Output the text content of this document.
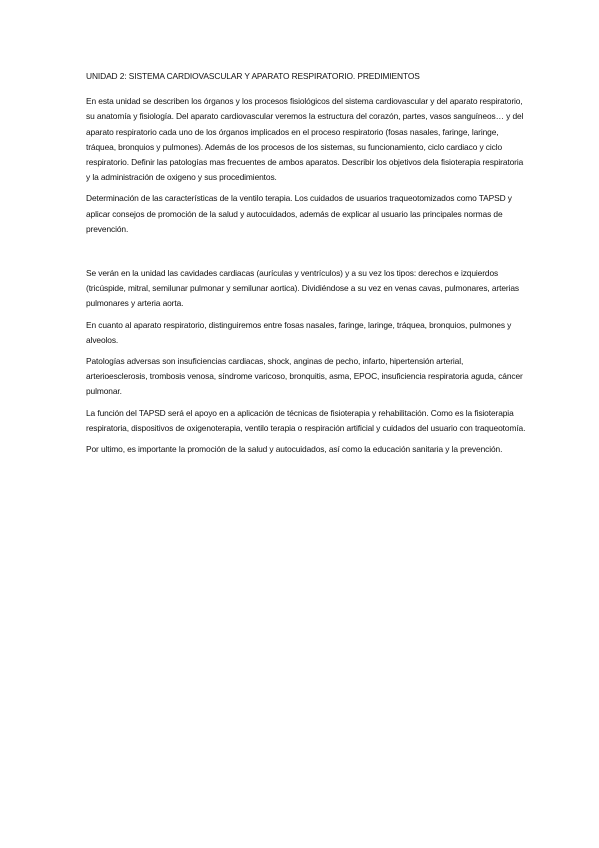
UNIDAD 2: SISTEMA CARDIOVASCULAR Y APARATO RESPIRATORIO. PREDIMIENTOS

En esta unidad se describen los órganos y los procesos fisiológicos del sistema cardiovascular y del aparato respiratorio, su anatomía y fisiología. Del aparato cardiovascular veremos la estructura del corazón, partes, vasos sanguíneos… y del aparato respiratorio cada uno de los órganos implicados en el proceso respiratorio (fosas nasales, faringe, laringe, tráquea, bronquios y pulmones). Además de los procesos de los sistemas, su funcionamiento, ciclo cardiaco y ciclo respiratorio. Definir las patologías mas frecuentes de ambos aparatos. Describir los objetivos dela fisioterapia respiratoria y la administración de oxigeno y sus procedimientos.

Determinación de las características de la ventilo terapia. Los cuidados de usuarios traqueotomizados como TAPSD y aplicar consejos de promoción de la salud y autocuidados, además de explicar al usuario las principales normas de prevención.

Se verán en la unidad las cavidades cardiacas (aurículas y ventrículos) y a su vez los tipos: derechos e izquierdos (tricúspide, mitral, semilunar pulmonar y semilunar aortica). Dividiéndose a su vez en venas cavas, pulmonares, arterias pulmonares y arteria aorta.

En cuanto al aparato respiratorio, distinguiremos entre fosas nasales, faringe, laringe, tráquea, bronquios, pulmones y alveolos.

Patologías adversas son insuficiencias cardiacas, shock, anginas de pecho, infarto, hipertensión arterial, arterioesclerosis, trombosis venosa, síndrome varicoso, bronquitis, asma, EPOC, insuficiencia respiratoria aguda, cáncer pulmonar.

La función del TAPSD será el apoyo en a aplicación de técnicas de fisioterapia y rehabilitación. Como es la fisioterapia respiratoria, dispositivos de oxigenoterapia, ventilo terapia o respiración artificial y cuidados del usuario con traqueotomía.

Por ultimo, es importante la promoción de la salud y autocuidados, así como la educación sanitaria y la prevención.
